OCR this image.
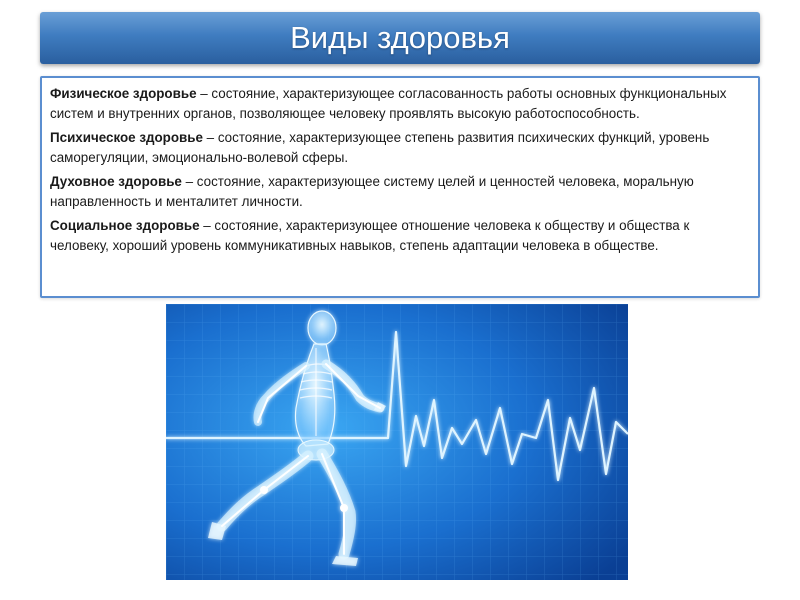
Виды здоровья

Физическое здоровье – состояние, характеризующее согласованность работы основных функциональных систем и внутренних органов, позволяющее человеку проявлять высокую работоспособность.

Психическое здоровье – состояние, характеризующее степень развития психических функций, уровень саморегуляции, эмоционально-волевой сферы.

Духовное здоровье – состояние, характеризующее систему целей и ценностей человека, моральную направленность и менталитет личности.

Социальное здоровье – состояние, характеризующее отношение человека к обществу и общества к человеку, хороший уровень коммуникативных навыков, степень адаптации человека в обществе.
